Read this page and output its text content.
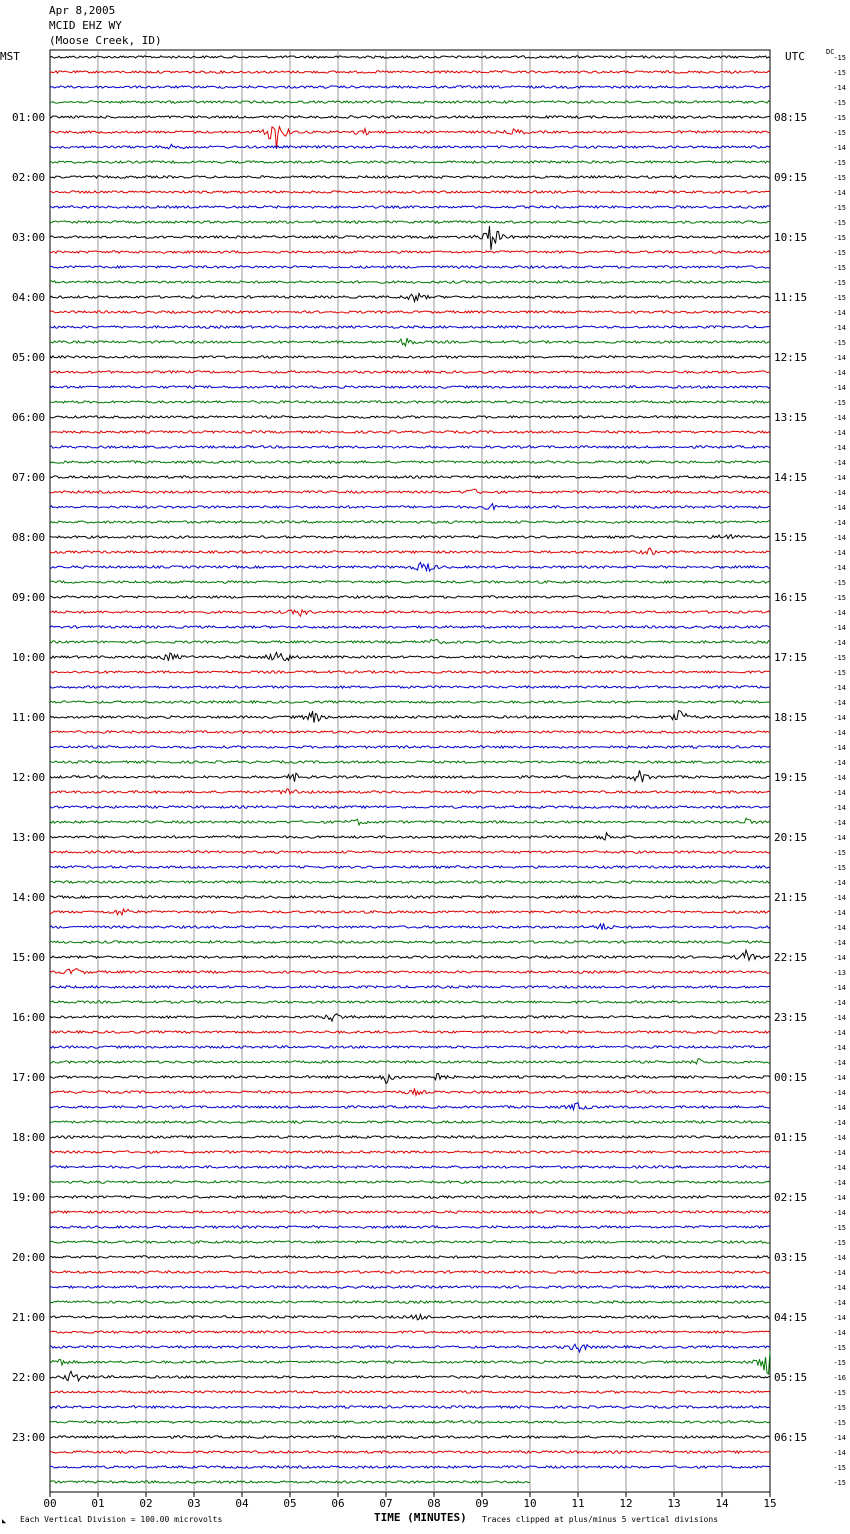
Apr 8,2005
MCID EHZ WY
(Moose Creek, ID)
MST	UTC	DC
00	01	02	03	04	05	06	07	08	09	10	11	12	13	14	15
-15
-15
-14
-15
-15
-15
-14
-15
-15
-14
-15
-15
-15
-15
-15
-15
-15
-14
-14
-15
-14
-14
-14
-15
-14
-14
-14
-14
-14
-14
-14
-14
-14
-14
-14
-15
-15
-14
-14
-14
-15
-15
-14
-14
-14
-14
-14
-14
-14
-14
-14
-14
-14
-15
-15
-14
-14
-14
-14
-14
-14
-13
-14
-14
-14
-14
-14
-14
-14
-14
-14
-14
-14
-14
-14
-14
-14
-14
-15
-15
-14
-14
-14
-14
-14
-14
-15
-15
-16
-15
-15
-15
-14
-14
-15
-15
01:00
02:00
03:00
04:00
05:00
06:00
07:00
08:00
09:00
10:00
11:00
12:00
13:00
14:00
15:00
16:00
17:00
18:00
19:00
20:00
21:00
22:00
23:00
08:15
09:15
10:15
11:15
12:15
13:15
14:15
15:15
16:15
17:15
18:15
19:15
20:15
21:15
22:15
23:15
00:15
01:15
02:15
03:15
04:15
05:15
06:15
Each Vertical Division = 100.00 microvolts	TIME (MINUTES) Traces clipped at plus/minus 5 vertical divisions
◣
